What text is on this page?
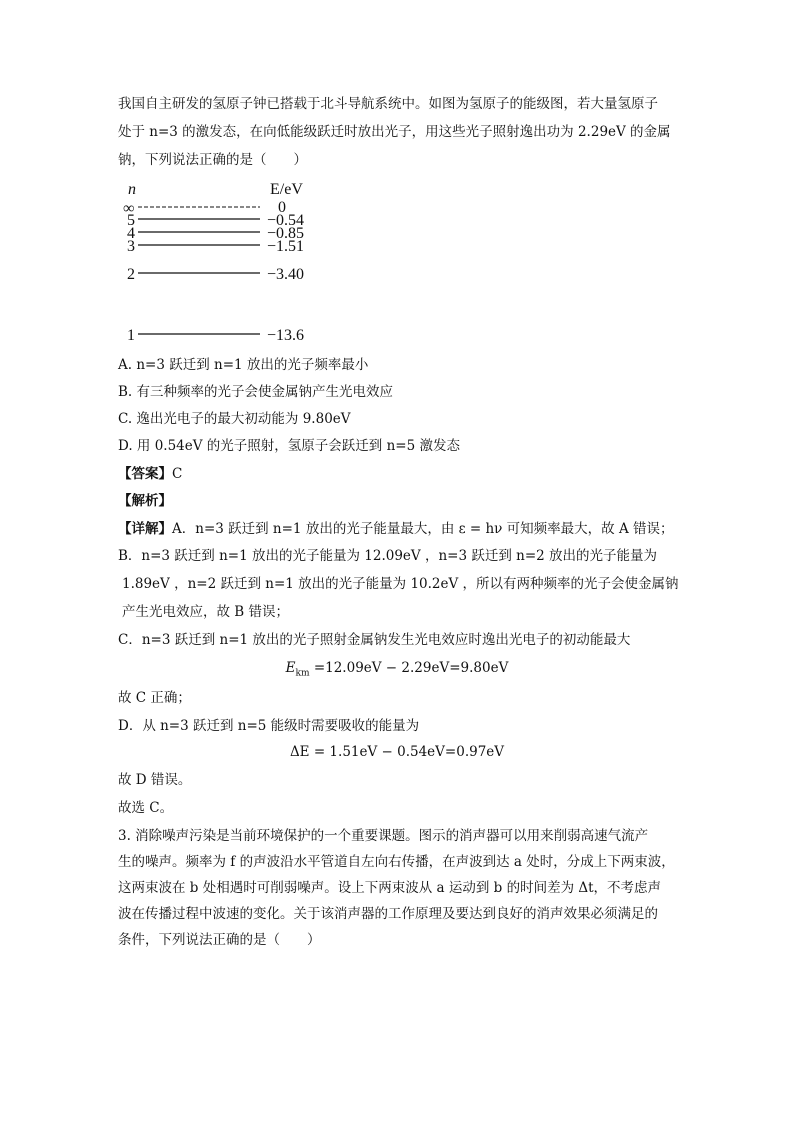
我国自主研发的氢原子钟已搭载于北斗导航系统中。如图为氢原子的能级图，若大量氢原子
处于 n=3 的激发态，在向低能级跃迁时放出光子，用这些光子照射逸出功为 2.29eV 的金属
钠，下列说法正确的是（　　）
n	E/eV
∞
5
4
3
2
1
0
−0.54
−0.85
−1.51
−3.40
−13.6
A. n=3 跃迁到 n=1 放出的光子频率最小
B. 有三种频率的光子会使金属钠产生光电效应
C. 逸出光电子的最大初动能为 9.80eV
D. 用 0.54eV 的光子照射，氢原子会跃迁到 n=5 激发态
【答案】C
【解析】
【详解】A．n=3 跃迁到 n=1 放出的光子能量最大，由 ε = hν 可知频率最大，故 A 错误；
B．n=3 跃迁到 n=1 放出的光子能量为 12.09eV ，n=3 跃迁到 n=2 放出的光子能量为
1.89eV ，n=2 跃迁到 n=1 放出的光子能量为 10.2eV ，所以有两种频率的光子会使金属钠
产生光电效应，故 B 错误；
C．n=3 跃迁到 n=1 放出的光子照射金属钠发生光电效应时逸出光电子的初动能最大
$E_{km} =12.09eV - 2.29eV=9.80eV$
故 C 正确；
D．从 n=3 跃迁到 n=5 能级时需要吸收的能量为
ΔE = 1.51eV − 0.54eV=0.97eV
故 D 错误。
故选 C。
3. 消除噪声污染是当前环境保护的一个重要课题。图示的消声器可以用来削弱高速气流产
生的噪声。频率为 f 的声波沿水平管道自左向右传播，在声波到达 a 处时，分成上下两束波，
这两束波在 b 处相遇时可削弱噪声。设上下两束波从 a 运动到 b 的时间差为 Δt，不考虑声
波在传播过程中波速的变化。关于该消声器的工作原理及要达到良好的消声效果必须满足的
条件，下列说法正确的是（　　）
